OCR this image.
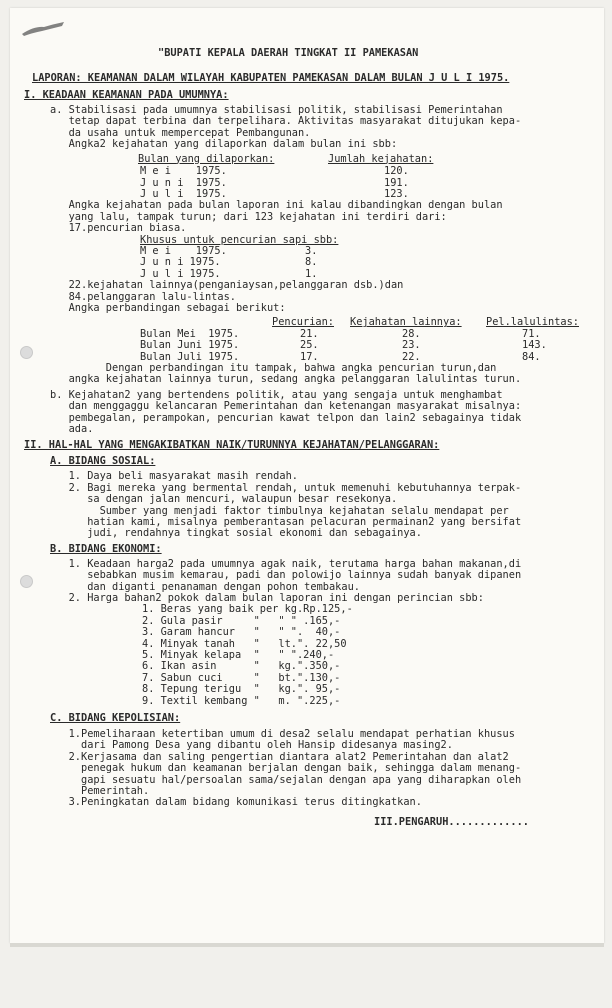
"BUPATI KEPALA DAERAH TINGKAT II PAMEKASAN
LAPORAN: KEAMANAN DALAM WILAYAH KABUPATEN PAMEKASAN DALAM BULAN J U L I 1975.
I. KEADAAN KEAMANAN PADA UMUMNYA:
a. Stabilisasi pada umumnya stabilisasi politik, stabilisasi Pemerintahan
tetap dapat terbina dan terpelihara. Aktivitas masyarakat ditujukan kepa-
da usaha untuk mempercepat Pembangunan.
Angka2 kejahatan yang dilaporkan dalam bulan ini sbb:
Bulan yang dilaporkan:	Jumlah kejahatan:
M e i    1975.	120.
J u n i  1975.	191.
J u l i  1975.	123.
Angka kejahatan pada bulan laporan ini kalau dibandingkan dengan bulan
yang lalu, tampak turun; dari 123 kejahatan ini terdiri dari:
17.pencurian biasa.
Khusus untuk pencurian sapi sbb:
M e i    1975.	3.
J u n i 1975.	8.
J u l i 1975.	1.
22.kejahatan lainnya(penganiaysan,pelanggaran dsb.)dan
84.pelanggaran lalu-lintas.
Angka perbandingan sebagai berikut:
Pencurian: Kejahatan lainnya: Pel.lalulintas:
Bulan Mei  1975.	21.	28.	71.
Bulan Juni 1975.	25.	23.	143.
Bulan Juli 1975.	17.	22.	84.
Dengan perbandingan itu tampak, bahwa angka pencurian turun,dan
angka kejahatan lainnya turun, sedang angka pelanggaran lalulintas turun.
b. Kejahatan2 yang bertendens politik, atau yang sengaja untuk menghambat
dan menggaggu kelancaran Pemerintahan dan ketenangan masyarakat misalnya:
pembegalan, perampokan, pencurian kawat telpon dan lain2 sebagainya tidak
ada.
II. HAL-HAL YANG MENGAKIBATKAN NAIK/TURUNNYA KEJAHATAN/PELANGGARAN:
A. BIDANG SOSIAL:
1. Daya beli masyarakat masih rendah.
2. Bagi mereka yang bermental rendah, untuk memenuhi kebutuhannya terpak-
sa dengan jalan mencuri, walaupun besar resekonya.
Sumber yang menjadi faktor timbulnya kejahatan selalu mendapat per
hatian kami, misalnya pemberantasan pelacuran permainan2 yang bersifat
judi, rendahnya tingkat sosial ekonomi dan sebagainya.
B. BIDANG EKONOMI:
1. Keadaan harga2 pada umumnya agak naik, terutama harga bahan makanan,di
sebabkan musim kemarau, padi dan polowijo lainnya sudah banyak dipanen
dan diganti penanaman dengan pohon tembakau.
2. Harga bahan2 pokok dalam bulan laporan ini dengan perincian sbb:
1. Beras yang baik per kg.Rp.125,-
2. Gula pasir     "   " " .165,-
3. Garam hancur   "   " ".  40,-
4. Minyak tanah   "   lt.". 22,50
5. Minyak kelapa  "   " ".240,-
6. Ikan asin      "   kg.".350,-
7. Sabun cuci     "   bt.".130,-
8. Tepung terigu  "   kg.". 95,-
9. Textil kembang "   m. ".225,-
C. BIDANG KEPOLISIAN:
1.Pemeliharaan ketertiban umum di desa2 selalu mendapat perhatian khusus
dari Pamong Desa yang dibantu oleh Hansip didesanya masing2.
2.Kerjasama dan saling pengertian diantara alat2 Pemerintahan dan alat2
penegak hukum dan keamanan berjalan dengan baik, sehingga dalam menang-
gapi sesuatu hal/persoalan sama/sejalan dengan apa yang diharapkan oleh
Pemerintah.
3.Peningkatan dalam bidang komunikasi terus ditingkatkan.
III.PENGARUH.............
